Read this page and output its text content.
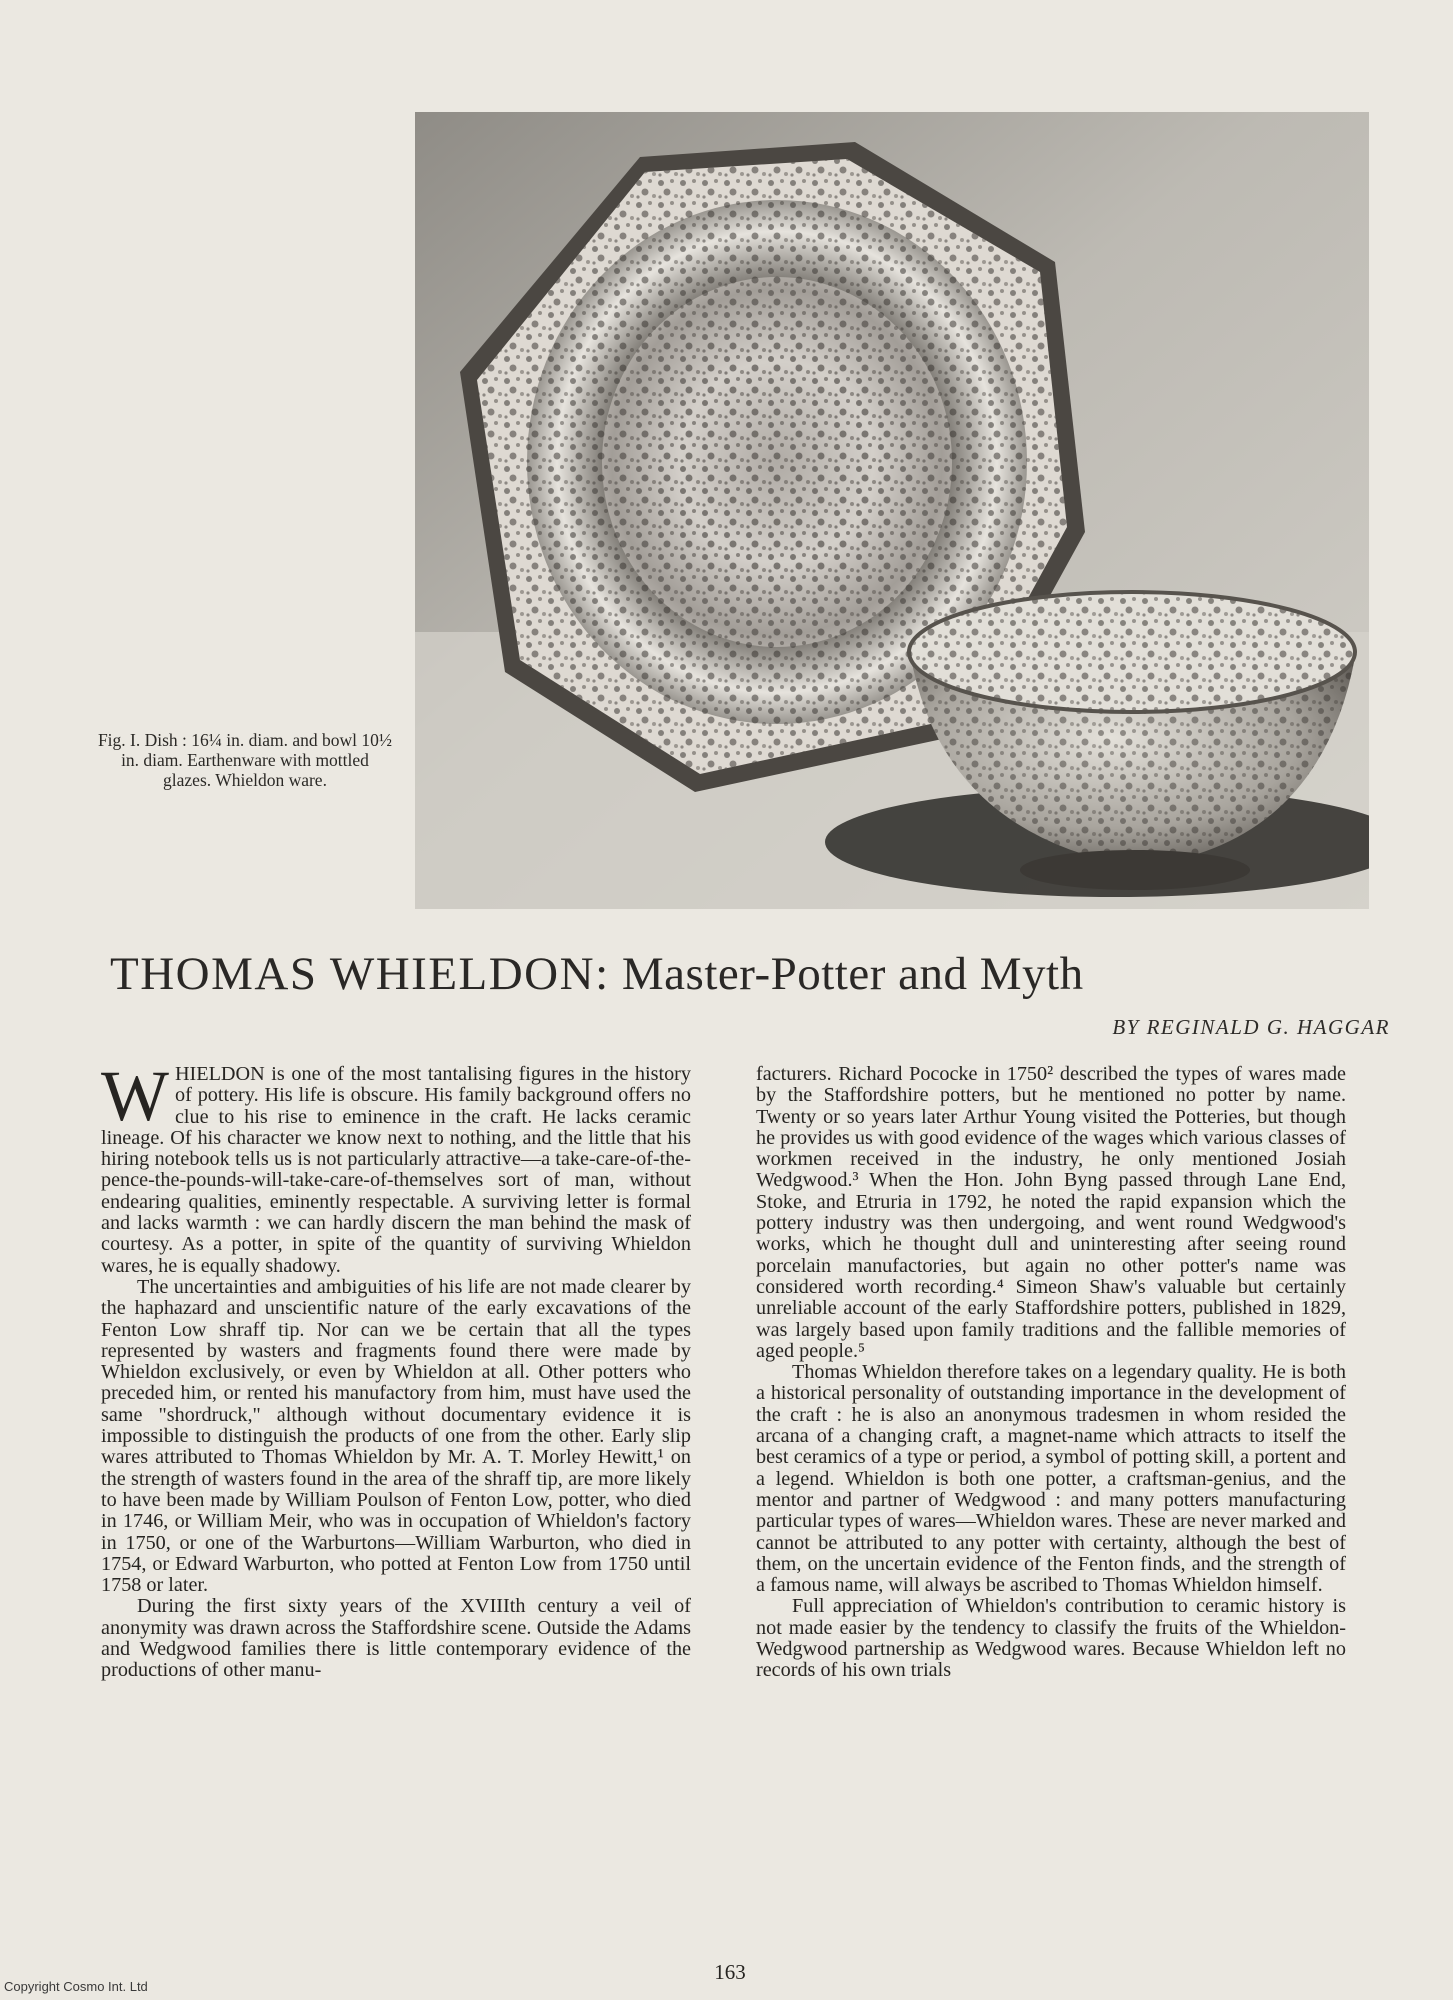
Fig. I. Dish : 16¼ in. diam. and bowl 10½ in. diam. Earthenware with mottled glazes. Whieldon ware.
THOMAS WHIELDON: Master-Potter and Myth
BY REGINALD G. HAGGAR

WHIELDON is one of the most tantalising figures in the history of pottery. His life is obscure. His family background offers no clue to his rise to eminence in the craft. He lacks ceramic lineage. Of his character we know next to nothing, and the little that his hiring notebook tells us is not particularly attractive—a take-care-of-the-pence-the-pounds-will-take-care-of-themselves sort of man, without endearing qualities, eminently respectable. A surviving letter is formal and lacks warmth : we can hardly discern the man behind the mask of courtesy. As a potter, in spite of the quantity of surviving Whieldon wares, he is equally shadowy.

The uncertainties and ambiguities of his life are not made clearer by the haphazard and unscientific nature of the early excavations of the Fenton Low shraff tip. Nor can we be certain that all the types represented by wasters and fragments found there were made by Whieldon exclusively, or even by Whieldon at all. Other potters who preceded him, or rented his manufactory from him, must have used the same "shordruck," although without documentary evidence it is impossible to distinguish the products of one from the other. Early slip wares attributed to Thomas Whieldon by Mr. A. T. Morley Hewitt,¹ on the strength of wasters found in the area of the shraff tip, are more likely to have been made by William Poulson of Fenton Low, potter, who died in 1746, or William Meir, who was in occupation of Whieldon's factory in 1750, or one of the Warburtons—William Warburton, who died in 1754, or Edward Warburton, who potted at Fenton Low from 1750 until 1758 or later.

During the first sixty years of the XVIIIth century a veil of anonymity was drawn across the Staffordshire scene. Outside the Adams and Wedgwood families there is little contemporary evidence of the productions of other manu-

facturers. Richard Pococke in 1750² described the types of wares made by the Staffordshire potters, but he mentioned no potter by name. Twenty or so years later Arthur Young visited the Potteries, but though he provides us with good evidence of the wages which various classes of workmen received in the industry, he only mentioned Josiah Wedgwood.³ When the Hon. John Byng passed through Lane End, Stoke, and Etruria in 1792, he noted the rapid expansion which the pottery industry was then undergoing, and went round Wedgwood's works, which he thought dull and uninteresting after seeing round porcelain manufactories, but again no other potter's name was considered worth recording.⁴ Simeon Shaw's valuable but certainly unreliable account of the early Staffordshire potters, published in 1829, was largely based upon family traditions and the fallible memories of aged people.⁵

Thomas Whieldon therefore takes on a legendary quality. He is both a historical personality of outstanding importance in the development of the craft : he is also an anonymous tradesmen in whom resided the arcana of a changing craft, a magnet-name which attracts to itself the best ceramics of a type or period, a symbol of potting skill, a portent and a legend. Whieldon is both one potter, a craftsman-genius, and the mentor and partner of Wedgwood : and many potters manufacturing particular types of wares—Whieldon wares. These are never marked and cannot be attributed to any potter with certainty, although the best of them, on the uncertain evidence of the Fenton finds, and the strength of a famous name, will always be ascribed to Thomas Whieldon himself.

Full appreciation of Whieldon's contribution to ceramic history is not made easier by the tendency to classify the fruits of the Whieldon-Wedgwood partnership as Wedgwood wares. Because Whieldon left no records of his own trials

163
Copyright Cosmo Int. Ltd
